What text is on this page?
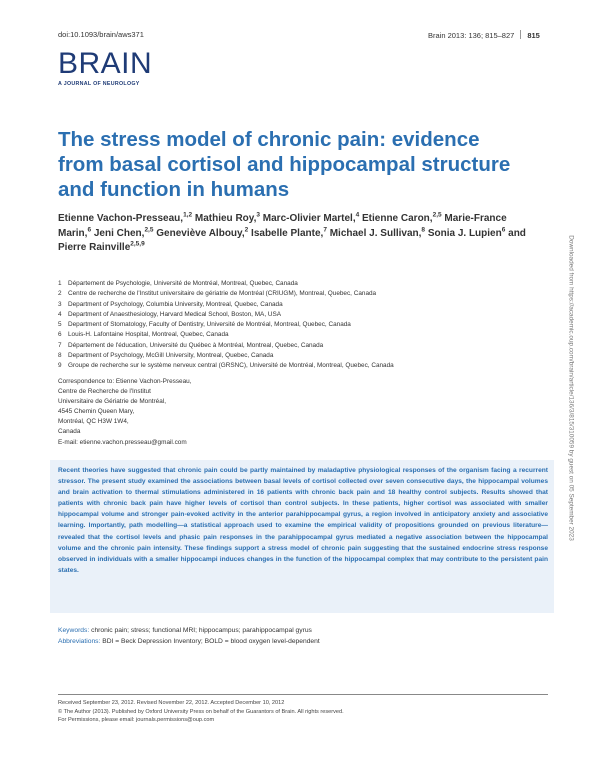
doi:10.1093/brain/aws371	Brain 2013: 136; 815–827 815
BRAIN
A JOURNAL OF NEUROLOGY
The stress model of chronic pain: evidence from basal cortisol and hippocampal structure and function in humans
Etienne Vachon-Presseau,$^{1,2}$ Mathieu Roy,$^3$ Marc-Olivier Martel,$^4$ Etienne Caron,$^{2,5}$ Marie-France Marin,$^6$ Jeni Chen,$^{2,5}$ Geneviève Albouy,$^2$ Isabelle Plante,$^7$ Michael J. Sullivan,$^8$ Sonia J. Lupien$^6$ and Pierre Rainville$^{2,5,9}$
1 Département de Psychologie, Université de Montréal, Montreal, Quebec, Canada
2 Centre de recherche de l'Institut universitaire de gériatrie de Montréal (CRIUGM), Montreal, Quebec, Canada
3 Department of Psychology, Columbia University, Montreal, Quebec, Canada
4 Department of Anaesthesiology, Harvard Medical School, Boston, MA, USA
5 Department of Stomatology, Faculty of Dentistry, Université de Montréal, Montreal, Quebec, Canada
6 Louis-H. Lafontaine Hospital, Montreal, Quebec, Canada
7 Département de l'éducation, Université du Québec à Montréal, Montreal, Quebec, Canada
8 Department of Psychology, McGill University, Montreal, Quebec, Canada
9 Groupe de recherche sur le système nerveux central (GRSNC), Université de Montréal, Montreal, Quebec, Canada
Correspondence to: Etienne Vachon-Presseau,
Centre de Recherche de l'Institut
Universitaire de Gériatrie de Montréal,
4545 Chemin Queen Mary,
Montréal, QC H3W 1W4,
Canada
E-mail: etienne.vachon.presseau@gmail.com
Recent theories have suggested that chronic pain could be partly maintained by maladaptive physiological responses of the organism facing a recurrent stressor. The present study examined the associations between basal levels of cortisol collected over seven consecutive days, the hippocampal volumes and brain activation to thermal stimulations administered in 16 patients with chronic back pain and 18 healthy control subjects. Results showed that patients with chronic back pain have higher levels of cortisol than control subjects. In these patients, higher cortisol was associated with smaller hippocampal volume and stronger pain-evoked activity in the anterior parahippocampal gyrus, a region involved in anticipatory anxiety and associative learning. Importantly, path modelling—a statistical approach used to examine the empirical validity of propositions grounded on previous literature—revealed that the cortisol levels and phasic pain responses in the parahippocampal gyrus mediated a negative association between the hippocampal volume and the chronic pain intensity. These findings support a stress model of chronic pain suggesting that the sustained endocrine stress response observed in individuals with a smaller hippocampi induces changes in the function of the hippocampal complex that may contribute to the persistent pain states.
Keywords: chronic pain; stress; functional MRI; hippocampus; parahippocampal gyrus
Abbreviations: BDI = Beck Depression Inventory; BOLD = blood oxygen level-dependent
Received September 23, 2012. Revised November 22, 2012. Accepted December 10, 2012
© The Author (2013). Published by Oxford University Press on behalf of the Guarantors of Brain. All rights reserved.
For Permissions, please email: journals.permissions@oup.com
Downloaded from https://academic.oup.com/brain/article/136/3/815/310059 by guest on 05 September 2023
